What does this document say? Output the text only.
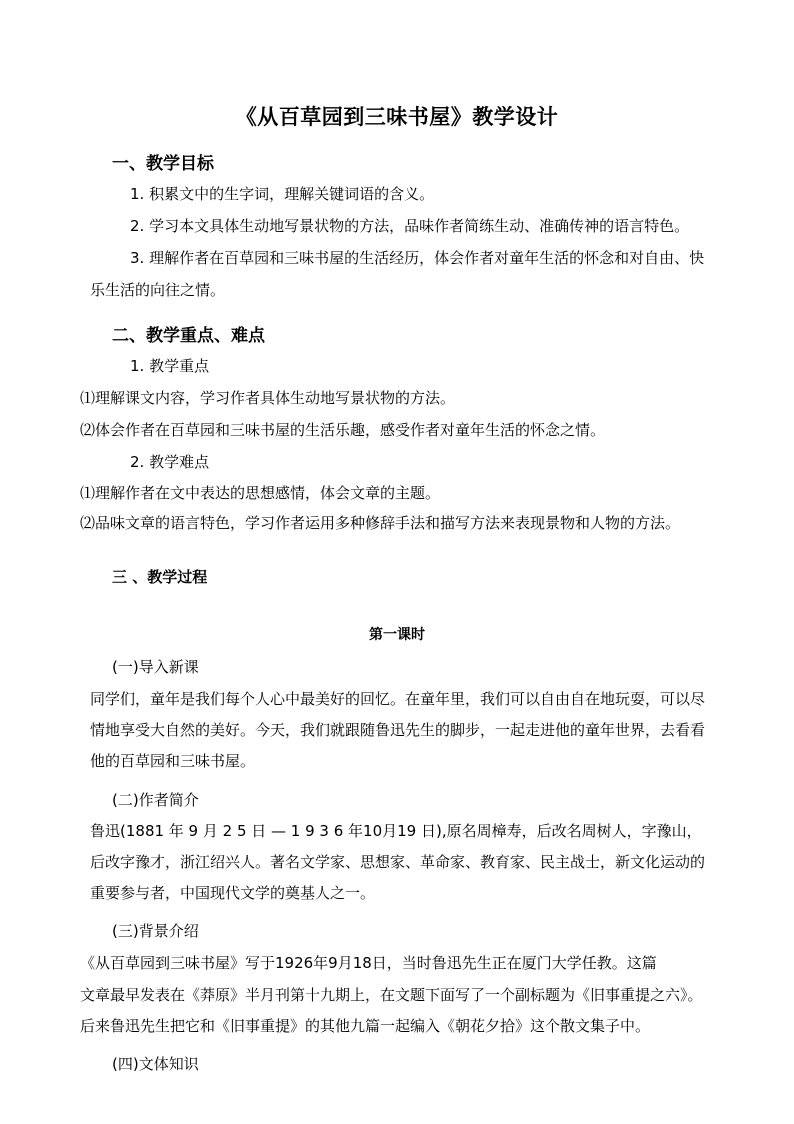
《从百草园到三味书屋》教学设计
一、教学目标
1. 积累文中的生字词，理解关键词语的含义。
2. 学习本文具体生动地写景状物的方法，品味作者简练生动、准确传神的语言特色。
3. 理解作者在百草园和三味书屋的生活经历，体会作者对童年生活的怀念和对自由、快
乐生活的向往之情。
二、教学重点、难点
1. 教学重点
⑴理解课文内容，学习作者具体生动地写景状物的方法。
⑵体会作者在百草园和三味书屋的生活乐趣，感受作者对童年生活的怀念之情。
2. 教学难点
⑴理解作者在文中表达的思想感情，体会文章的主题。
⑵品味文章的语言特色，学习作者运用多种修辞手法和描写方法来表现景物和人物的方法。
三 、教学过程
第一课时
(一)导入新课
同学们，童年是我们每个人心中最美好的回忆。在童年里，我们可以自由自在地玩耍，可以尽
情地享受大自然的美好。今天，我们就跟随鲁迅先生的脚步，一起走进他的童年世界，去看看
他的百草园和三味书屋。
(二)作者简介
鲁迅(1881 年 9 月 2 5 日 — 1 9 3 6 年10月19 日),原名周樟寿，后改名周树人，字豫山，
后改字豫才，浙江绍兴人。著名文学家、思想家、革命家、教育家、民主战士，新文化运动的
重要参与者，中国现代文学的奠基人之一。
(三)背景介绍
《从百草园到三味书屋》写于1926年9月18日，当时鲁迅先生正在厦门大学任教。这篇
文章最早发表在《莽原》半月刊第十九期上，在文题下面写了一个副标题为《旧事重提之六》。
后来鲁迅先生把它和《旧事重提》的其他九篇一起编入《朝花夕拾》这个散文集子中。
(四)文体知识
